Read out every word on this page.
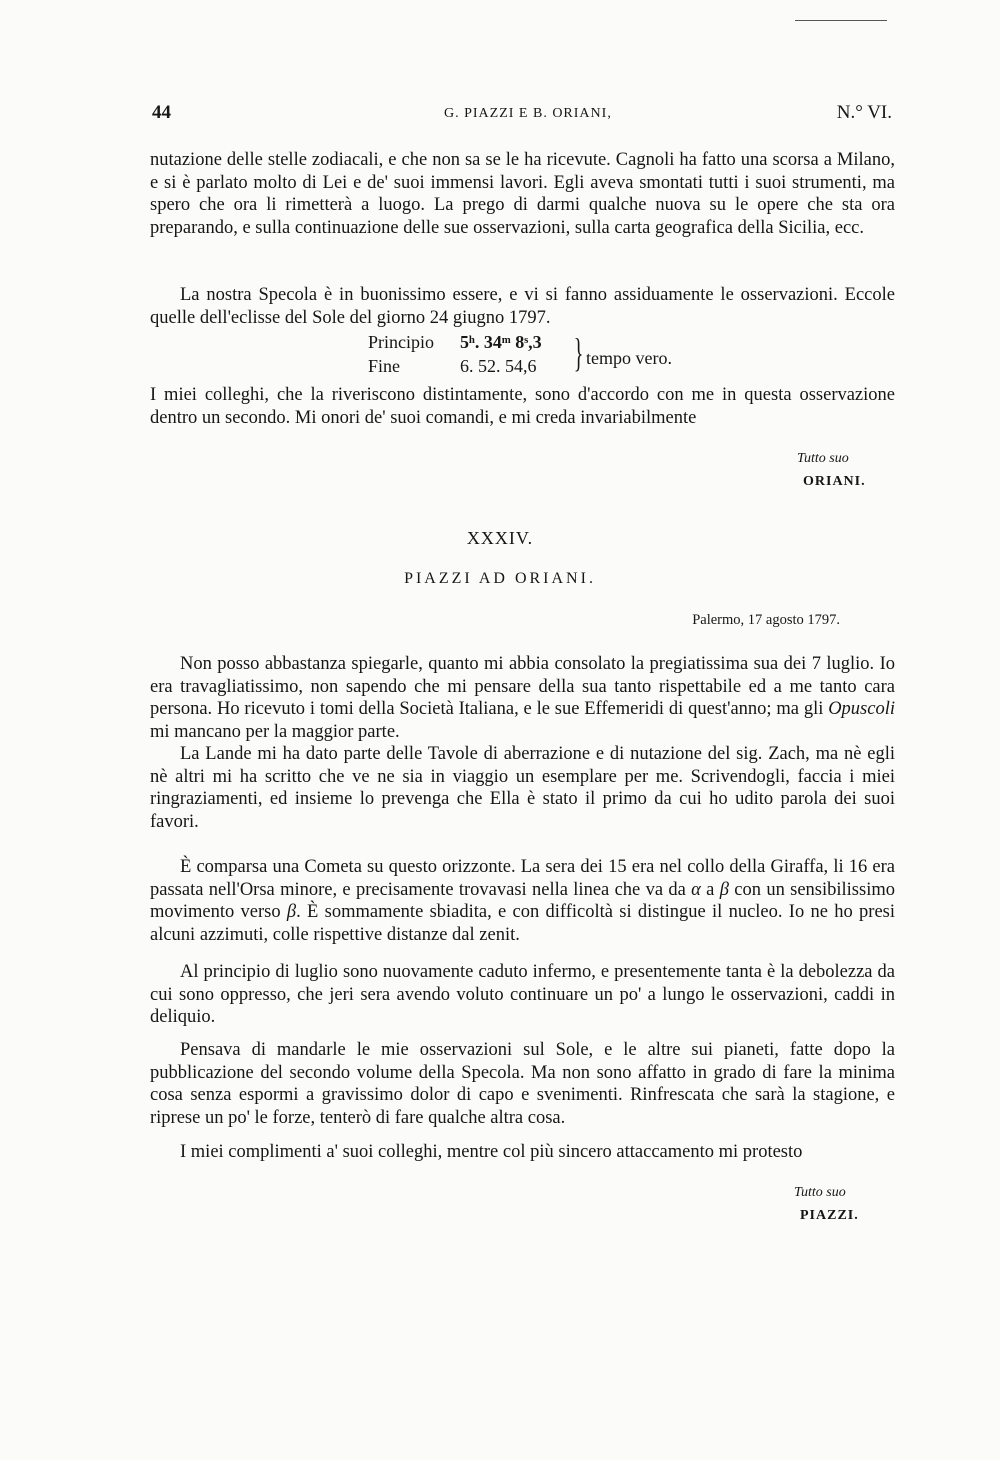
44	G. PIAZZI E B. ORIANI,	N.° VI.

nutazione delle stelle zodiacali, e che non sa se le ha ricevute. Cagnoli ha fatto una scorsa a Milano, e si è parlato molto di Lei e de' suoi immensi lavori. Egli aveva smontati tutti i suoi strumenti, ma spero che ora li rimetterà a luogo. La prego di darmi qualche nuova su le opere che sta ora preparando, e sulla continuazione delle sue osservazioni, sulla carta geografica della Sicilia, ecc.

La nostra Specola è in buonissimo essere, e vi si fanno assiduamente le osservazioni. Eccole quelle dell'eclisse del Sole del giorno 24 giugno 1797.

Principio 5ʰ. 34ᵐ 8ˢ,3
Fine	6. 52. 54,6 } tempo vero.

I miei colleghi, che la riveriscono distintamente, sono d'accordo con me in questa osservazione dentro un secondo. Mi onori de' suoi comandi, e mi creda invariabilmente

Tutto suo
ORIANI.
XXXIV.
PIAZZI AD ORIANI.
Palermo, 17 agosto 1797.

Non posso abbastanza spiegarle, quanto mi abbia consolato la pregiatissima sua dei 7 luglio. Io era travagliatissimo, non sapendo che mi pensare della sua tanto rispettabile ed a me tanto cara persona. Ho ricevuto i tomi della Società Italiana, e le sue Effemeridi di quest'anno; ma gli Opuscoli mi mancano per la maggior parte.

La Lande mi ha dato parte delle Tavole di aberrazione e di nutazione del sig. Zach, ma nè egli nè altri mi ha scritto che ve ne sia in viaggio un esemplare per me. Scrivendogli, faccia i miei ringraziamenti, ed insieme lo prevenga che Ella è stato il primo da cui ho udito parola dei suoi favori.

È comparsa una Cometa su questo orizzonte. La sera dei 15 era nel collo della Giraffa, li 16 era passata nell'Orsa minore, e precisamente trovavasi nella linea che va da α a β con un sensibilissimo movimento verso β. È sommamente sbiadita, e con difficoltà si distingue il nucleo. Io ne ho presi alcuni azzimuti, colle rispettive distanze dal zenit.

Al principio di luglio sono nuovamente caduto infermo, e presentemente tanta è la debolezza da cui sono oppresso, che jeri sera avendo voluto continuare un po' a lungo le osservazioni, caddi in deliquio.

Pensava di mandarle le mie osservazioni sul Sole, e le altre sui pianeti, fatte dopo la pubblicazione del secondo volume della Specola. Ma non sono affatto in grado di fare la minima cosa senza espormi a gravissimo dolor di capo e svenimenti. Rinfrescata che sarà la stagione, e riprese un po' le forze, tenterò di fare qualche altra cosa.

I miei complimenti a' suoi colleghi, mentre col più sincero attaccamento mi protesto

Tutto suo
PIAZZI.
